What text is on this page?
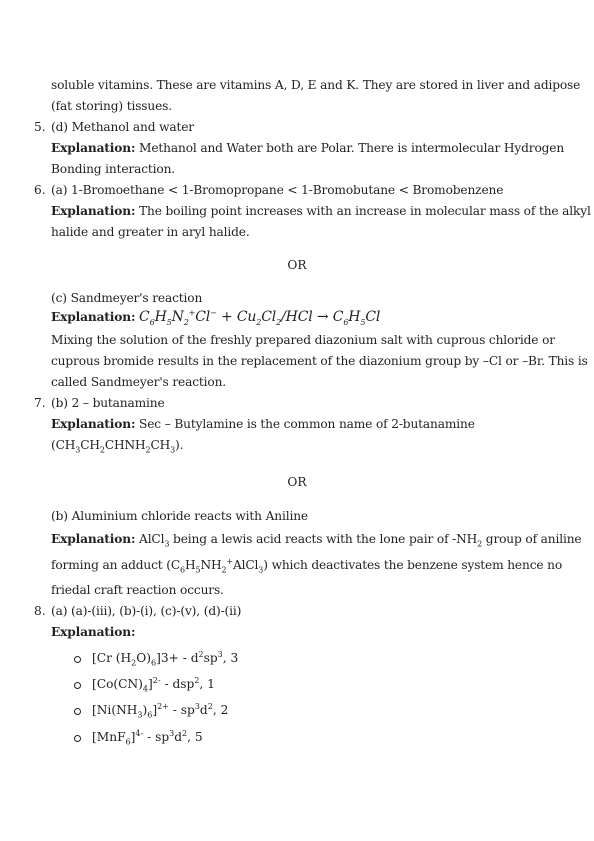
soluble vitamins. These are vitamins A, D, E and K. They are stored in liver and adipose
(fat storing) tissues.
5. (d) Methanol and water
Explanation: Methanol and Water both are Polar. There is intermolecular Hydrogen
Bonding interaction.
6. (a) 1-Bromoethane < 1-Bromopropane < 1-Bromobutane < Bromobenzene
Explanation: The boiling point increases with an increase in molecular mass of the alkyl
halide and greater in aryl halide.
OR
(c) Sandmeyer's reaction
Explanation: $C_6H_5N_2^+Cl^- + Cu_2Cl_2/HCl \to C_6H_5Cl$
Mixing the solution of the freshly prepared diazonium salt with cuprous chloride or
cuprous bromide results in the replacement of the diazonium group by –Cl or –Br. This is
called Sandmeyer's reaction.
7. (b) 2 – butanamine
Explanation: Sec – Butylamine is the common name of 2-butanamine
$(CH_3CH_2CHNH_2CH_3)$.
OR
(b) Aluminium chloride reacts with Aniline
Explanation: AlCl$_3$ being a lewis acid reacts with the lone pair of $-NH_2$ group of aniline
forming an adduct $(C_6H_5NH_2^+AlCl_3)$ which deactivates the benzene system hence no
friedal craft reaction occurs.
8. (a) (a)-(iii), (b)-(i), (c)-(v), (d)-(ii)
Explanation:
[Cr $(H_2O)_6]3+ - d^2sp^3$, 3
$[Co(CN)_4]^{2-} - dsp^2$, 1
$[Ni(NH_3)_6]^{2+} - sp^3d^2$, 2
$[MnF_6]^{4-} - sp^3d^2$, 5
